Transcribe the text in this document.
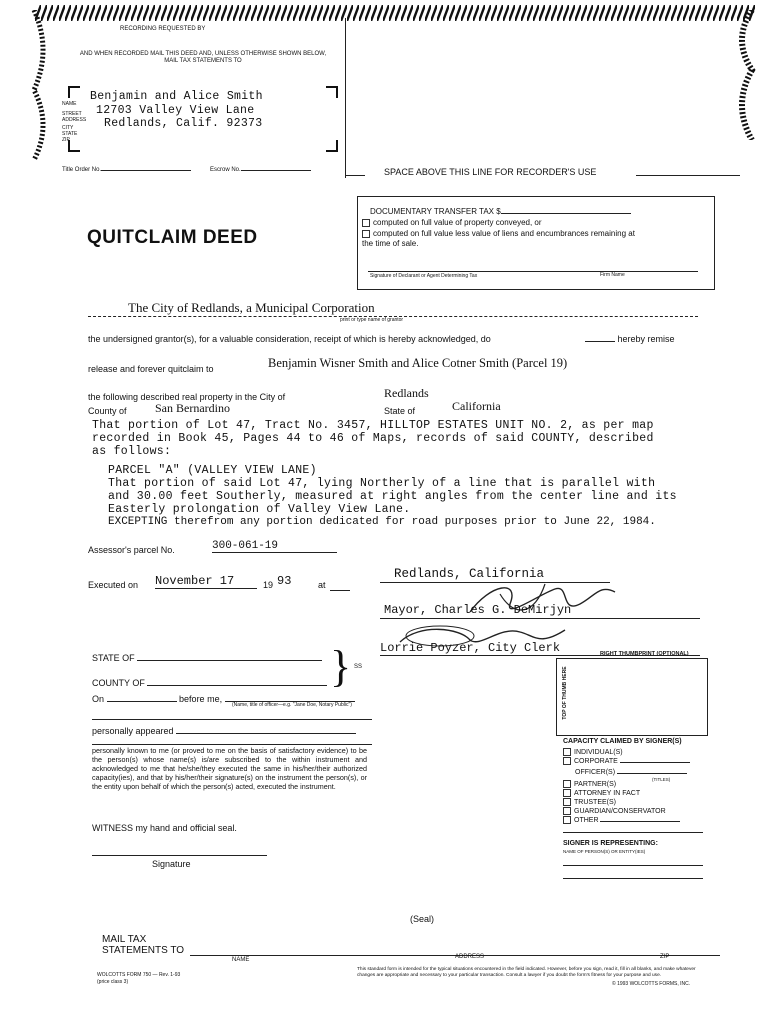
RECORDING REQUESTED BY
AND WHEN RECORDED MAIL THIS DEED AND, UNLESS OTHERWISE SHOWN BELOW, MAIL TAX STATEMENTS TO
NAME
STREET ADDRESS
CITY STATE ZIP
Benjamin and Alice Smith
12703 Valley View Lane
Redlands, Calif. 92373
Title Order No.	Escrow No.	SPACE ABOVE THIS LINE FOR RECORDER'S USE
QUITCLAIM DEED
DOCUMENTARY TRANSFER TAX $
computed on full value of property conveyed, or
computed on full value less value of liens and encumbrances remaining at the time of sale.
Signature of Declarant or Agent Determining Tax	Firm Name
The City of Redlands, a Municipal Corporation
print or type name of grantor
the undersigned grantor(s), for a valuable consideration, receipt of which is hereby acknowledged, do	hereby remise
release and forever quitclaim to	Benjamin Wisner Smith and Alice Cotner Smith (Parcel 19)
the following described real property in the City of	Redlands
County of San Bernardino	State of	California
That portion of Lot 47, Tract No. 3457, HILLTOP ESTATES UNIT NO. 2, as per map
recorded in Book 45, Pages 44 to 46 of Maps, records of said COUNTY, described
as follows:
PARCEL "A" (VALLEY VIEW LANE)
That portion of said Lot 47, lying Northerly of a line that is parallel with
and 30.00 feet Southerly, measured at right angles from the center line and its
Easterly prolongation of Valley View Lane.
EXCEPTING therefrom any portion dedicated for road purposes prior to June 22, 1984.
Assessor's parcel No.	300-061-19
Executed on November 17	19 93	at
Redlands, California
Mayor, Charles G. DeMirjyn
Lorrie Poyzer, City Clerk
STATE OF
COUNTY OF	} SS
On	before me,
(Name, title of officer—e.g. "Jane Doe, Notary Public")
personally appeared
personally known to me (or proved to me on the basis of satisfactory evidence) to be the person(s) whose name(s) is/are subscribed to the within instrument and acknowledged to me that he/she/they executed the same in his/her/their authorized capacity(ies), and that by his/her/their signature(s) on the instrument the person(s), or the entity upon behalf of which the person(s) acted, executed the instrument.
WITNESS my hand and official seal.
Signature
(Seal)
RIGHT THUMBPRINT (OPTIONAL)
TOP OF THUMB HERE
CAPACITY CLAIMED BY SIGNER(S)
INDIVIDUAL(S)
CORPORATE
OFFICER(S)
(TITLES)
PARTNER(S)
ATTORNEY IN FACT
TRUSTEE(S)
GUARDIAN/CONSERVATOR
OTHER
SIGNER IS REPRESENTING:
NAME OF PERSON(S) OR ENTITY(IES)
MAIL TAX
STATEMENTS TO
NAME	ADDRESS	ZIP
WOLCOTTS FORM 750 — Rev. 1-93
(price class 3)
This standard form is intended for the typical situations encountered in the field indicated. However, before you sign, read it, fill in all blanks, and make whatever changes are appropriate and necessary to your particular transaction. Consult a lawyer if you doubt the form's fitness for your purpose and use.
© 1993 WOLCOTTS FORMS, INC.
